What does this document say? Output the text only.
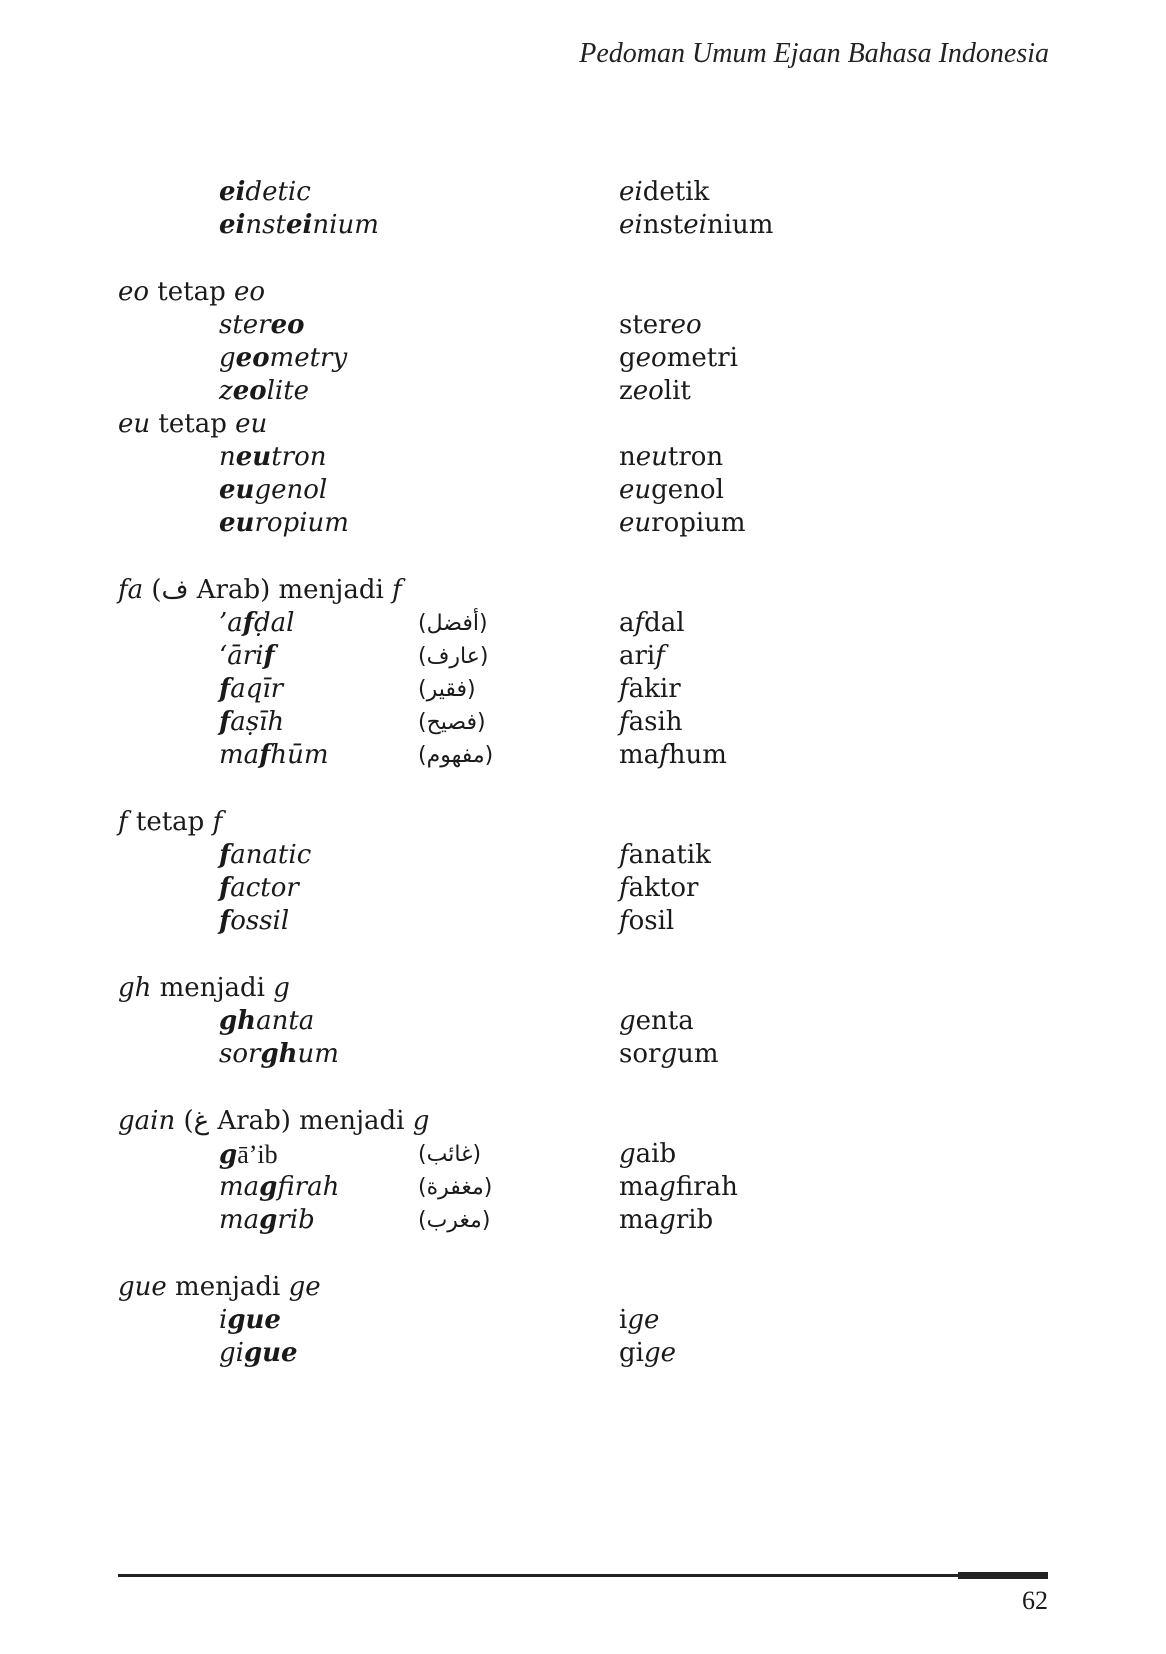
Pedoman Umum Ejaan Bahasa Indonesia
eidetic	eidetik
einsteinium	einsteinium
eo tetap eo
stereo	stereo
geometry	geometri
zeolite	zeolit
eu tetap eu
neutron	neutron
eugenol	eugenol
europium	europium
fa (ف Arab) menjadi f
’afḍal	(أفضل)	afdal
‘ārif	(عارف)	arif
faqīr	(فقير)	fakir
faṣīh	(فصيح)	fasih
mafhūm	(مفهوم)	mafhum
f tetap f
fanatic	fanatik
factor	faktor
fossil	fosil
gh menjadi g
ghanta	genta
sorghum	sorgum
gain (غ Arab) menjadi g
gā’ib	(غائب)	gaib
magfirah	(مغفرة)	magfirah
magrib	(مغرب)	magrib
gue menjadi ge
igue	ige
gigue	gige
62
